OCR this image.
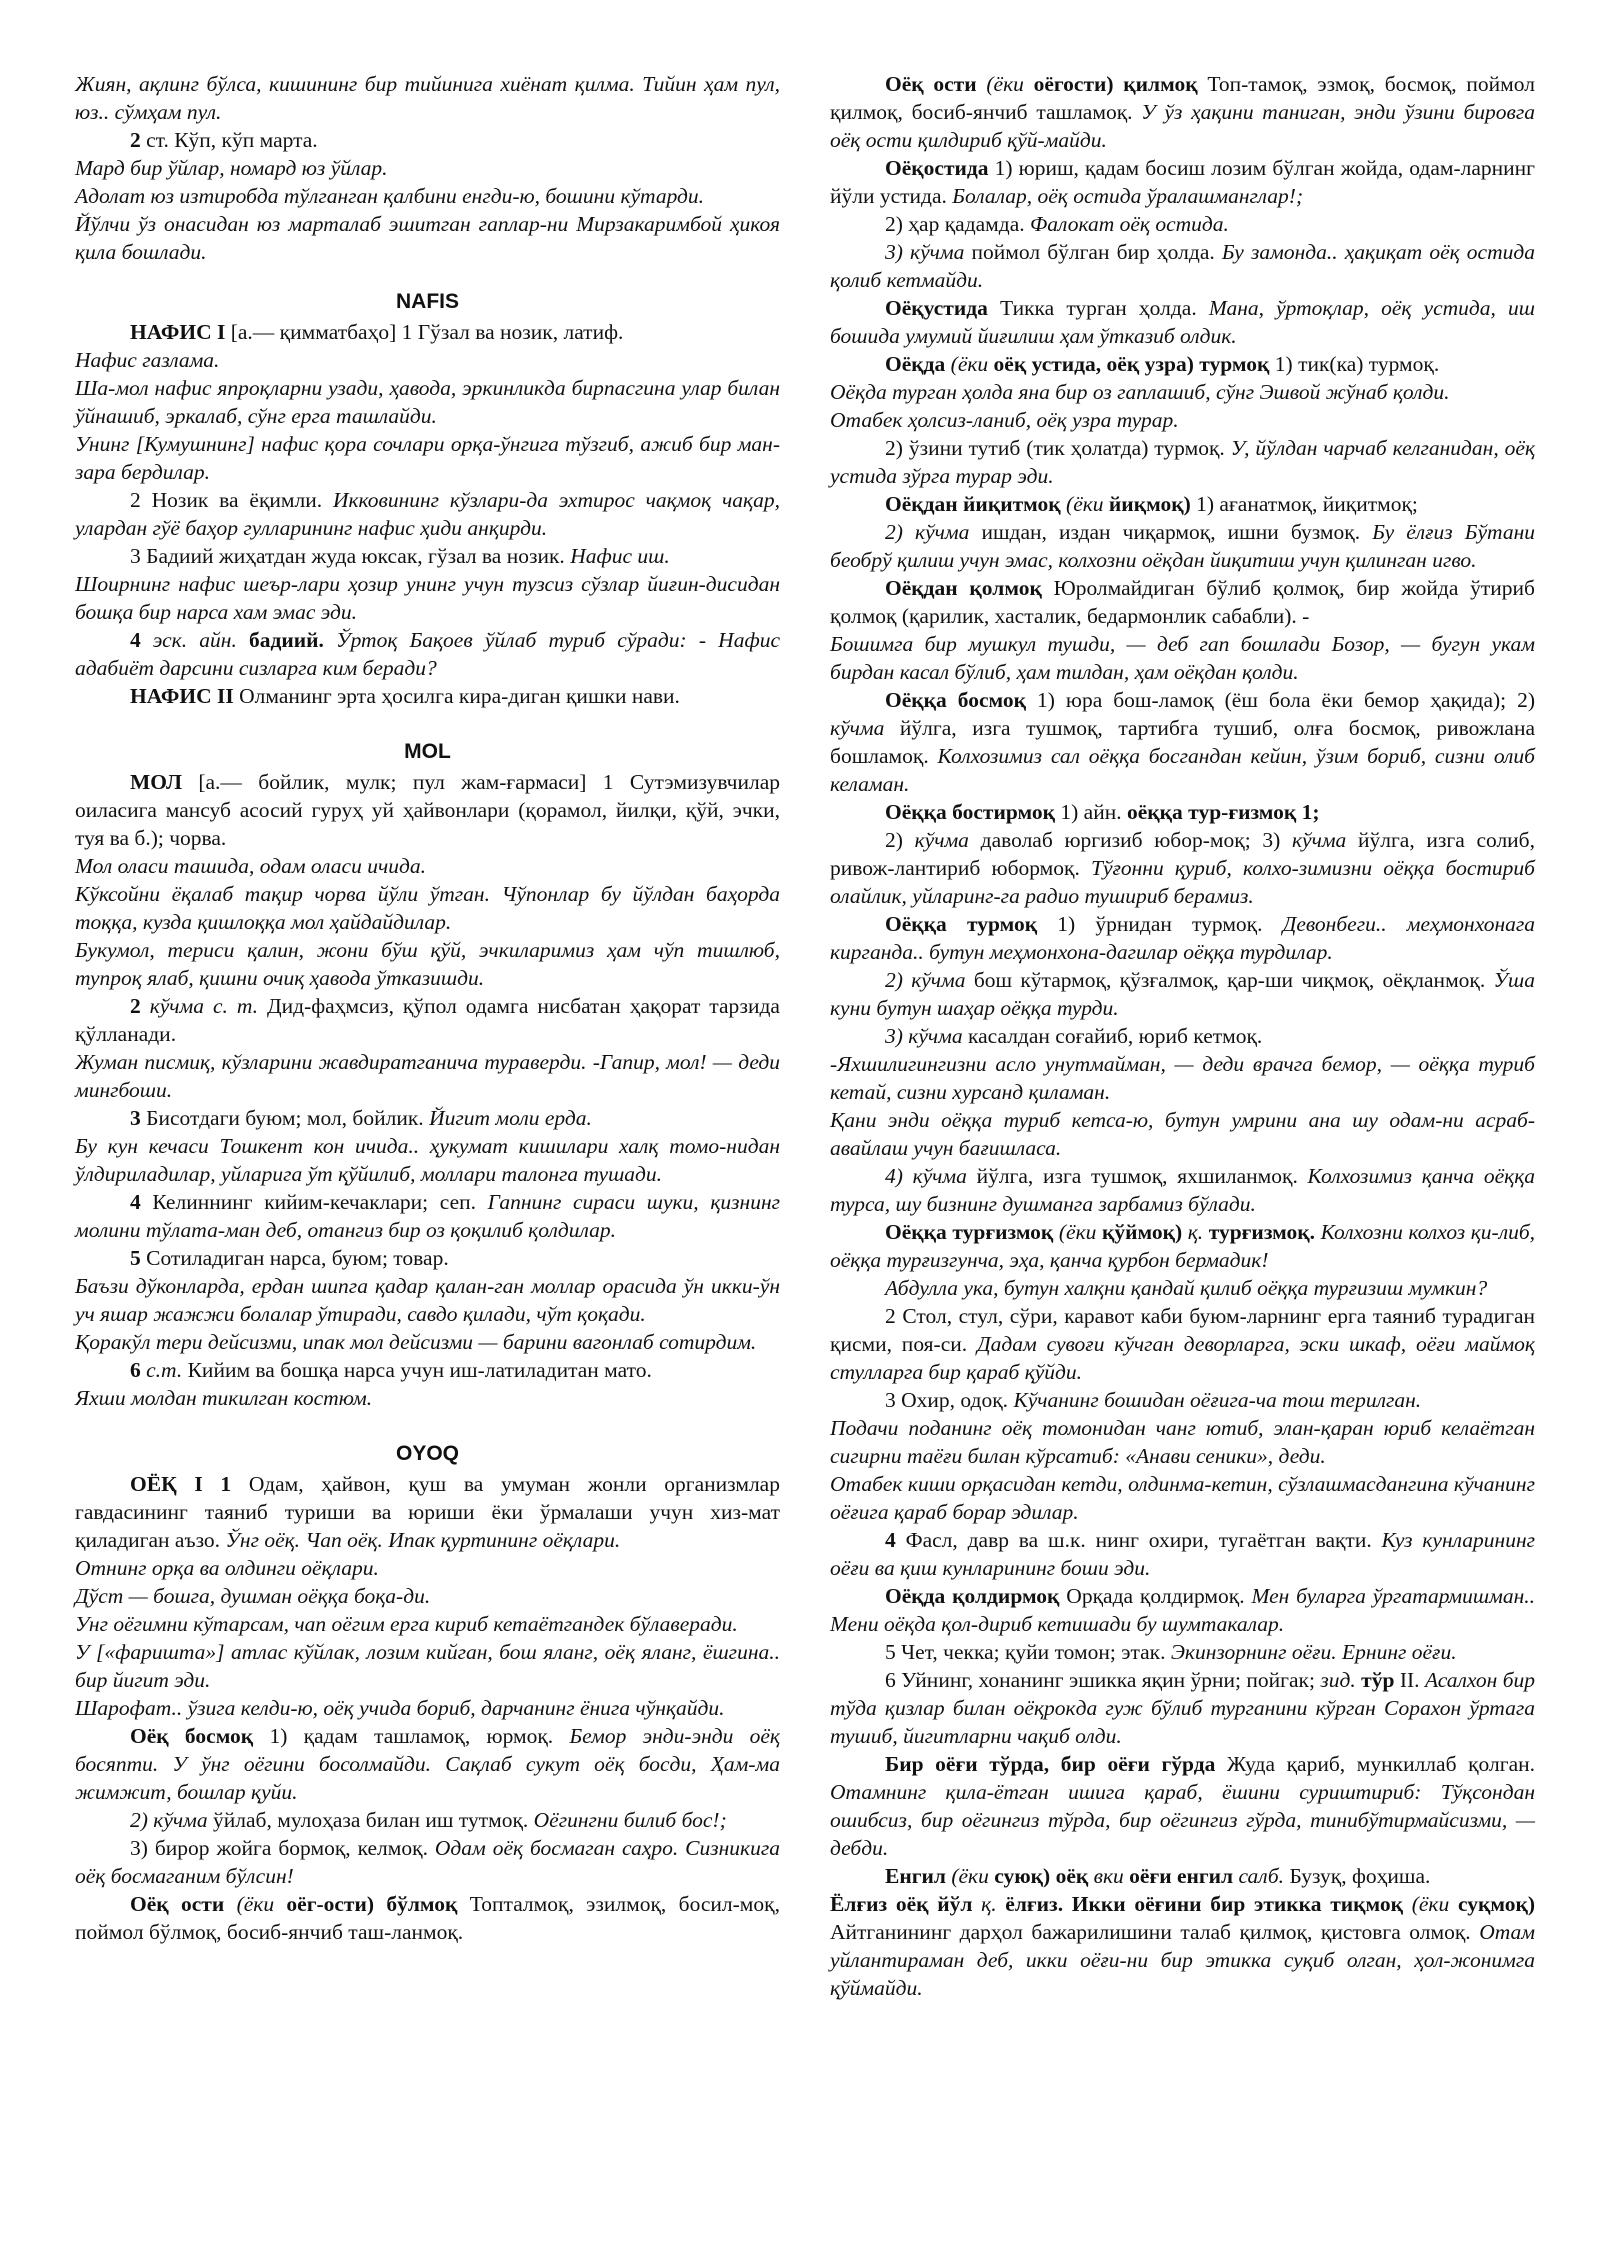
Жиян, ақлинг бўлса, кишининг бир тийинига хиёнат қилма. Тийин ҳам пул, юз.. сўмҳам пул.

2 ст. Кўп, кўп марта.

Мард бир ўйлар, номард юз ўйлар.

Адолат юз изтиробда тўлганган қалбини енгди-ю, бошини кўтарди.

Йўлчи ўз онасидан юз марталаб эшитган гаплар-ни Мирзакаримбой ҳикоя қила бошлади.

NAFIS

НАФИС I [а.— қимматбаҳо] 1 Гўзал ва нозик, латиф.

Нафис газлама.

Ша-мол нафис япроқларни узади, ҳавода, эркинликда бирпасгина улар билан ўйнашиб, эркалаб, сўнг ерга ташлайди.

Унинг [Кумушнинг] нафис қора сочлари орқа-ўнгига тўзгиб, ажиб бир ман-зара бердилар.

2 Нозик ва ёқимли. Икковининг кўзлари-да эхтирос чақмоқ чақар, улардан гўё баҳор гулларининг нафис ҳиди анқирди.

3 Бадиий жиҳатдан жуда юксак, гўзал ва нозик. Нафис иш.

Шоирнинг нафис шеър-лари ҳозир унинг учун тузсиз сўзлар йиғин-дисидан бошқа бир нарса хам эмас эди.

4 эск. айн. бадиий. Ўртоқ Бақоев ўйлаб туриб сўради: - Нафис адабиёт дарсини сизларга ким беради?

НАФИС II Олманинг эрта ҳосилга кира-диган қишки нави.

MOL

МОЛ [а.— бойлик, мулк; пул жам-ғармаси] 1 Сутэмизувчилар оиласига мансуб асосий гуруҳ уй ҳайвонлари (қорамол, йилқи, қўй, эчки, туя ва б.); чорва.

Мол оласи ташида, одам оласи ичида.

Кўксойни ёқалаб тақир чорва йўли ўтган. Чўпонлар бу йўлдан баҳорда тоққа, кузда қишлоққа мол ҳайдайдилар.

Букумол, териси қалин, жони бўш қўй, эчкиларимиз ҳам чўп тишлюб, тупроқ ялаб, қишни очиқ ҳавода ўтказишди.

2 кўчма с. т. Дид-фаҳмсиз, қўпол одамга нисбатан ҳақорат тарзида қўлланади.

Жуман писмиқ, кўзларини жавдиратганича тураверди. -Гапир, мол! — деди мингбоши.

3 Бисотдаги буюм; мол, бойлик. Йигит моли ерда.

Бу кун кечаси Тошкент кон ичида.. ҳукумат кишилари халқ томо-нидан ўлдириладилар, уйларига ўт қўйилиб, моллари талонга тушади.

4 Келиннинг кийим-кечаклари; сеп. Гапнинг сираси шуки, қизнинг молини тўлата-ман деб, отангиз бир оз қоқилиб қолдилар.

5 Сотиладиган нарса, буюм; товар.

Баъзи дўконларда, ердан шипга қадар қалан-ган моллар орасида ўн икки-ўн уч яшар жажжи болалар ўтиради, савдо қилади, чўт қоқади.

Қоракўл тери дейсизми, ипак мол дейсизми — барини вагонлаб сотирдим.

6 с.т. Кийим ва бошқа нарса учун иш-латиладитан мато.

Яхши молдан тикилган костюм.

OYOQ

ОЁҚ I 1 Одам, ҳайвон, қуш ва умуман жонли организмлар гавдасининг таяниб туриши ва юриши ёки ўрмалаши учун хиз-мат қиладиган аъзо. Ўнг оёқ. Чап оёқ. Ипак қуртининг оёқлари.

Отнинг орқа ва олдинги оёқлари.

Дўст — бошга, душман оёққа боқа-ди.

Унг оёгимни кўтарсам, чап оёгим ерга кириб кетаётгандек бўлаверади.

У [«фаришта»] атлас кўйлак, лозим кийган, бош яланг, оёқ яланг, ёшгина.. бир йигит эди.

Шарофат.. ўзига келди-ю, оёқ учида бориб, дарчанинг ёнига чўнқайди.

Оёқ босмоқ 1) қадам ташламоқ, юрмоқ. Бемор энди-энди оёқ босяпти. У ўнг оёгини босолмайди. Сақлаб сукут оёқ босди, Ҳам-ма жимжит, бошлар қуйи.

2) кўчма ўйлаб, мулоҳаза билан иш тутмоқ. Оёгингни билиб бос!;

3) бирор жойга бормоқ, келмоқ. Одам оёқ босмаган саҳро. Сизникига оёқ босмаганим бўлсин!

Оёқ ости (ёки оёг-ости) бўлмоқ Топталмоқ, эзилмоқ, босил-моқ, поймол бўлмоқ, босиб-янчиб таш-ланмоқ.

Оёқ ости (ёки оёгости) қилмоқ Топ-тамоқ, эзмоқ, босмоқ, поймол қилмоқ, босиб-янчиб ташламоқ. У ўз ҳақини таниган, энди ўзини бировга оёқ ости қилдириб қўй-майди.

Оёқостида 1) юриш, қадам босиш лозим бўлган жойда, одам-ларнинг йўли устида. Болалар, оёқ остида ўралашманглар!;

2) ҳар қадамда. Фалокат оёқ остида.

3) кўчма поймол бўлган бир ҳолда. Бу замонда.. ҳақиқат оёқ остида қолиб кетмайди.

Оёқустида Тикка турган ҳолда. Мана, ўртоқлар, оёқ устида, иш бошида умумий йиғилиш ҳам ўтказиб олдик.

Оёқда (ёки оёқ устида, оёқ узра) турмоқ 1) тик(ка) турмоқ.

Оёқда турган ҳолда яна бир оз гаплашиб, сўнг Эшвой жўнаб қолди.

Отабек ҳолсиз-ланиб, оёқ узра турар.

2) ўзини тутиб (тик ҳолатда) турмоқ. У, йўлдан чарчаб келганидан, оёқ устида зўрга турар эди.

Оёқдан йиқитмоқ (ёки йиқмоқ) 1) ағанатмоқ, йиқитмоқ;

2) кўчма ишдан, издан чиқармоқ, ишни бузмоқ. Бу ёлғиз Бўтани беобрў қилиш учун эмас, колхозни оёқдан йиқитиш учун қилинган игво.

Оёқдан қолмоқ Юролмайдиган бўлиб қолмоқ, бир жойда ўтириб қолмоқ (қарилик, хасталик, бедармонлик сабабли). -

Бошимга бир мушкул тушди, — деб гап бошлади Бозор, — бугун укам бирдан касал бўлиб, ҳам тилдан, ҳам оёқдан қолди.

Оёққа босмоқ 1) юра бош-ламоқ (ёш бола ёки бемор ҳақида); 2) кўчма йўлга, изга тушмоқ, тартибга тушиб, олға босмоқ, ривожлана бошламоқ. Колхозимиз сал оёққа босгандан кейин, ўзим бориб, сизни олиб келаман.

Оёққа бостирмоқ 1) айн. оёққа тур-ғизмоқ 1;

2) кўчма даволаб юргизиб юбор-моқ; 3) кўчма йўлга, изга солиб, ривож-лантириб юбормоқ. Тўғонни қуриб, колхо-зимизни оёққа бостириб олайлик, уйларинг-га радио тушириб берамиз.

Оёққа турмоқ 1) ўрнидан турмоқ. Девонбеги.. меҳмонхонага кирганда.. бутун меҳмонхона-дагилар оёққа турдилар.

2) кўчма бош кўтармоқ, қўзғалмоқ, қар-ши чиқмоқ, оёқланмоқ. Ўша куни бутун шаҳар оёққа турди.

3) кўчма касалдан соғайиб, юриб кетмоқ.

-Яхшилигингизни асло унутмайман, — деди врачга бемор, — оёққа туриб кетай, сизни хурсанд қиламан.

Қани энди оёққа туриб кетса-ю, бутун умрини ана шу одам-ни асраб-авайлаш учун бағишласа.

4) кўчма йўлга, изга тушмоқ, яхшиланмоқ. Колхозимиз қанча оёққа турса, шу бизнинг душманга зарбамиз бўлади.

Оёққа турғизмоқ (ёки қўймоқ) қ. турғизмоқ. Колхозни колхоз қи-либ, оёққа турғизгунча, эҳа, қанча қурбон бермадик!

Абдулла ука, бутун халқни қандай қилиб оёққа турғизиш мумкин?

2 Стол, стул, сўри, каравот каби буюм-ларнинг ерга таяниб турадиган қисми, поя-си. Дадам сувоғи кўчган деворларга, эски шкаф, оёғи маймоқ стулларга бир қараб қўйди.

3 Охир, одоқ. Кўчанинг бошидан оёғига-ча тош терилган.

Подачи поданинг оёқ томонидан чанг ютиб, элан-қаран юриб келаётган сигирни таёғи билан кўрсатиб: «Анави сеники», деди.

Отабек киши орқасидан кетди, олдинма-кетин, сўзлашмасдангина кўчанинг оёғига қараб борар эдилар.

4 Фасл, давр ва ш.к. нинг охири, тугаётган вақти. Куз кунларининг оёғи ва қиш кунларининг боши эди.

Оёқда қолдирмоқ Орқада қолдирмоқ. Мен буларга ўргатармишман.. Мени оёқда қол-дириб кетишади бу шумтакалар.

5 Чет, чекка; қуйи томон; этак. Экинзорнинг оёғи. Ернинг оёғи.

6 Уйнинг, хонанинг эшикка яқин ўрни; пойгак; зид. тўр II. Асалхон бир тўда қизлар билан оёқрокда гуж бўлиб турганини кўрган Сорахон ўртага тушиб, йигитларни чақиб олди.

Бир оёғи тўрда, бир оёғи гўрда Жуда қариб, мункиллаб қолган. Отамнинг қила-ётган ишига қараб, ёшини суриштириб: Тўқсондан ошибсиз, бир оёгингиз тўрда, бир оёгингиз гўрда, тинибўтирмайсизми, — дебди.

Енгил (ёки суюқ) оёқ вки оёғи енгил салб. Бузуқ, фоҳиша.

Ёлғиз оёқ йўл қ. ёлғиз. Икки оёғини бир этикка тиқмоқ (ёки суқмоқ) Айтганининг дарҳол бажарилишини талаб қилмоқ, қистовга олмоқ. Отам уйлантираман деб, икки оёғи-ни бир этикка суқиб олган, ҳол-жонимга қўймайди.
